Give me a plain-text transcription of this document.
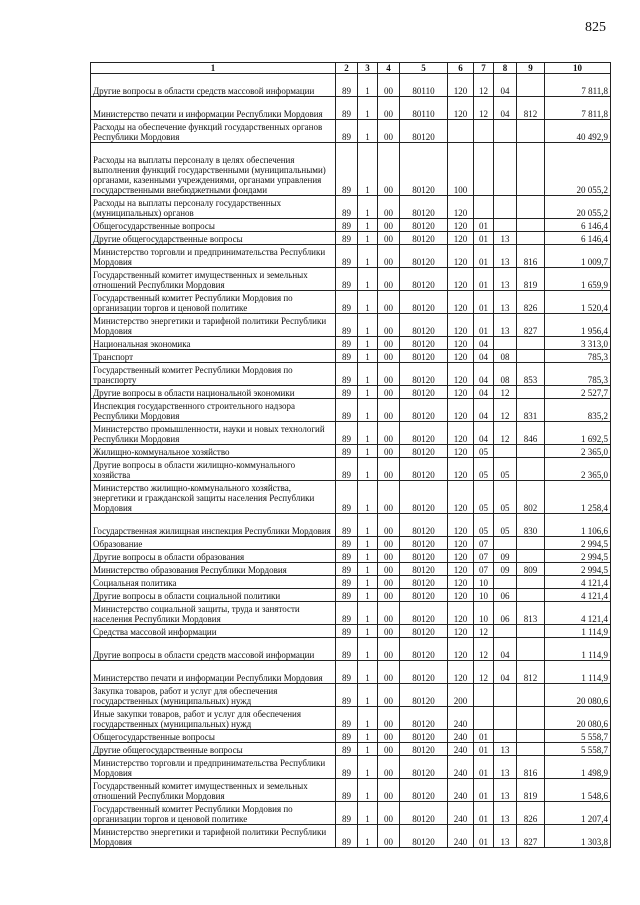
825
1	2	3	4	5	6	7	8	9	10
Другие вопросы в области средств массовой информации	89	1	00	80110	120	12	04		7 811,8
Министерство печати и информации Республики Мордовия	89	1	00	80110	120	12	04	812	7 811,8
Расходы на обеспечение функций государственных органов Республики Мордовия	89	1	00	80120					40 492,9
Расходы на выплаты персоналу в целях обеспечения выполнения функций государственными (муниципальными) органами, казенными учреждениями, органами управления государственными внебюджетными фондами	89	1	00	80120	100				20 055,2
Расходы на выплаты персоналу государственных (муниципальных) органов	89	1	00	80120	120				20 055,2
Общегосударственные вопросы	89	1	00	80120	120	01			6 146,4
Другие общегосударственные вопросы	89	1	00	80120	120	01	13		6 146,4
Министерство торговли и предпринимательства Республики Мордовия	89	1	00	80120	120	01	13	816	1 009,7
Государственный комитет имущественных и земельных отношений Республики Мордовия	89	1	00	80120	120	01	13	819	1 659,9
Государственный комитет Республики Мордовия по организации торгов и ценовой политике	89	1	00	80120	120	01	13	826	1 520,4
Министерство энергетики и тарифной политики Республики Мордовия	89	1	00	80120	120	01	13	827	1 956,4
Национальная экономика	89	1	00	80120	120	04			3 313,0
Транспорт	89	1	00	80120	120	04	08		785,3
Государственный комитет Республики Мордовия по транспорту	89	1	00	80120	120	04	08	853	785,3
Другие вопросы в области национальной экономики	89	1	00	80120	120	04	12		2 527,7
Инспекция государственного строительного надзора Республики Мордовия	89	1	00	80120	120	04	12	831	835,2
Министерство промышленности, науки и новых технологий Республики Мордовия	89	1	00	80120	120	04	12	846	1 692,5
Жилищно-коммунальное хозяйство	89	1	00	80120	120	05			2 365,0
Другие вопросы в области жилищно-коммунального хозяйства	89	1	00	80120	120	05	05		2 365,0
Министерство жилищно-коммунального хозяйства, энергетики и гражданской защиты населения Республики Мордовия	89	1	00	80120	120	05	05	802	1 258,4
Государственная жилищная инспекция Республики Мордовия	89	1	00	80120	120	05	05	830	1 106,6
Образование	89	1	00	80120	120	07			2 994,5
Другие вопросы в области образования	89	1	00	80120	120	07	09		2 994,5
Министерство образования Республики Мордовия	89	1	00	80120	120	07	09	809	2 994,5
Социальная политика	89	1	00	80120	120	10			4 121,4
Другие вопросы в области социальной политики	89	1	00	80120	120	10	06		4 121,4
Министерство социальной защиты, труда и занятости населения Республики Мордовия	89	1	00	80120	120	10	06	813	4 121,4
Средства массовой информации	89	1	00	80120	120	12			1 114,9
Другие вопросы в области средств массовой информации	89	1	00	80120	120	12	04		1 114,9
Министерство печати и информации Республики Мордовия	89	1	00	80120	120	12	04	812	1 114,9
Закупка товаров, работ и услуг для обеспечения государственных (муниципальных) нужд	89	1	00	80120	200				20 080,6
Иные закупки товаров, работ и услуг для обеспечения государственных (муниципальных) нужд	89	1	00	80120	240				20 080,6
Общегосударственные вопросы	89	1	00	80120	240	01			5 558,7
Другие общегосударственные вопросы	89	1	00	80120	240	01	13		5 558,7
Министерство торговли и предпринимательства Республики Мордовия	89	1	00	80120	240	01	13	816	1 498,9
Государственный комитет имущественных и земельных отношений Республики Мордовия	89	1	00	80120	240	01	13	819	1 548,6
Государственный комитет Республики Мордовия по организации торгов и ценовой политике	89	1	00	80120	240	01	13	826	1 207,4
Министерство энергетики и тарифной политики Республики Мордовия	89	1	00	80120	240	01	13	827	1 303,8
